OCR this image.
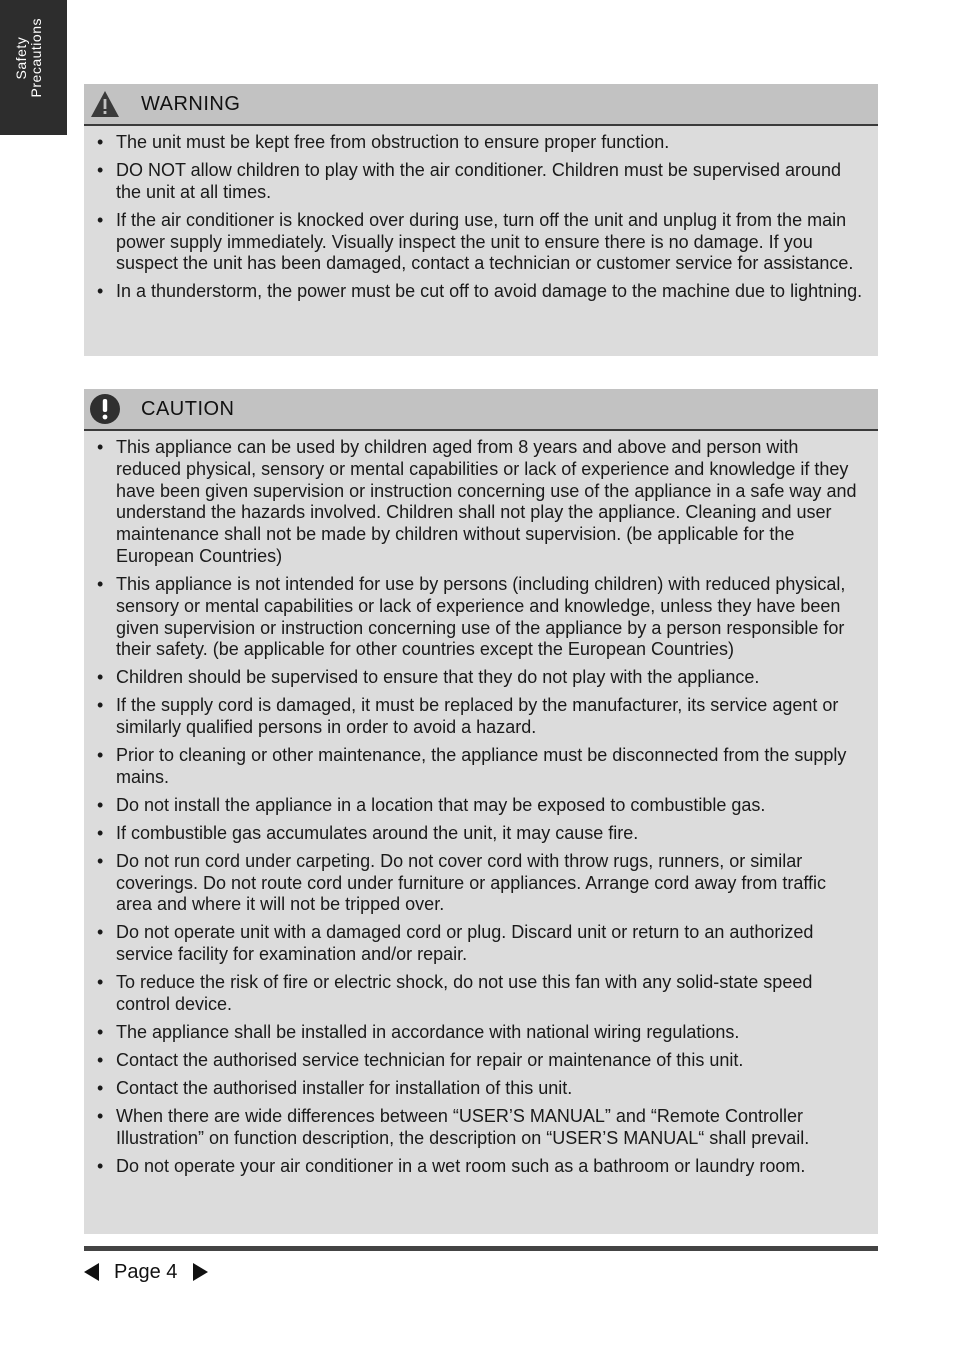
Safety Precautions
WARNING
• The unit must be kept free from obstruction to ensure proper function.
• DO NOT allow children to play with the air conditioner. Children must be supervised around the unit at all times.
• If the air conditioner is knocked over during use, turn off the unit and unplug it from the main power supply immediately. Visually inspect the unit to ensure there is no damage. If you suspect the unit has been damaged, contact a technician or customer service for assistance.
• In a thunderstorm, the power must be cut off to avoid damage to the machine due to lightning.
CAUTION
• This appliance can be used by children aged from 8 years and above and person with reduced physical, sensory or mental capabilities or lack of experience and knowledge if they have been given supervision or instruction concerning use of the appliance in a safe way and understand the hazards involved. Children shall not play the appliance. Cleaning and user maintenance shall not be made by children without supervision. (be applicable for the European Countries)
• This appliance is not intended for use by persons (including children) with reduced physical, sensory or mental capabilities or lack of experience and knowledge, unless they have been given supervision or instruction concerning use of the appliance by a person responsible for their safety. (be applicable for other countries except the European Countries)
• Children should be supervised to ensure that they do not play with the appliance.
• If the supply cord is damaged, it must be replaced by the manufacturer, its service agent or similarly qualified persons in order to avoid a hazard.
• Prior to cleaning or other maintenance, the appliance must be disconnected from the supply mains.
• Do not install the appliance in a location that may be exposed to combustible gas.
• If combustible gas accumulates around the unit, it may cause fire.
• Do not run cord under carpeting. Do not cover cord with throw rugs, runners, or similar coverings. Do not route cord under furniture or appliances. Arrange cord away from traffic area and where it will not be tripped over.
• Do not operate unit with a damaged cord or plug. Discard unit or return to an authorized service facility for examination and/or repair.
• To reduce the risk of fire or electric shock, do not use this fan with any solid-state speed control device.
• The appliance shall be installed in accordance with national wiring regulations.
• Contact the authorised service technician for repair or maintenance of this unit.
• Contact the authorised installer for installation of this unit.
• When there are wide differences between “USER’S MANUAL” and “Remote Controller Illustration” on function description, the description on “USER’S MANUAL“ shall prevail.
• Do not operate your air conditioner in a wet room such as a bathroom or laundry room.
Page 4
